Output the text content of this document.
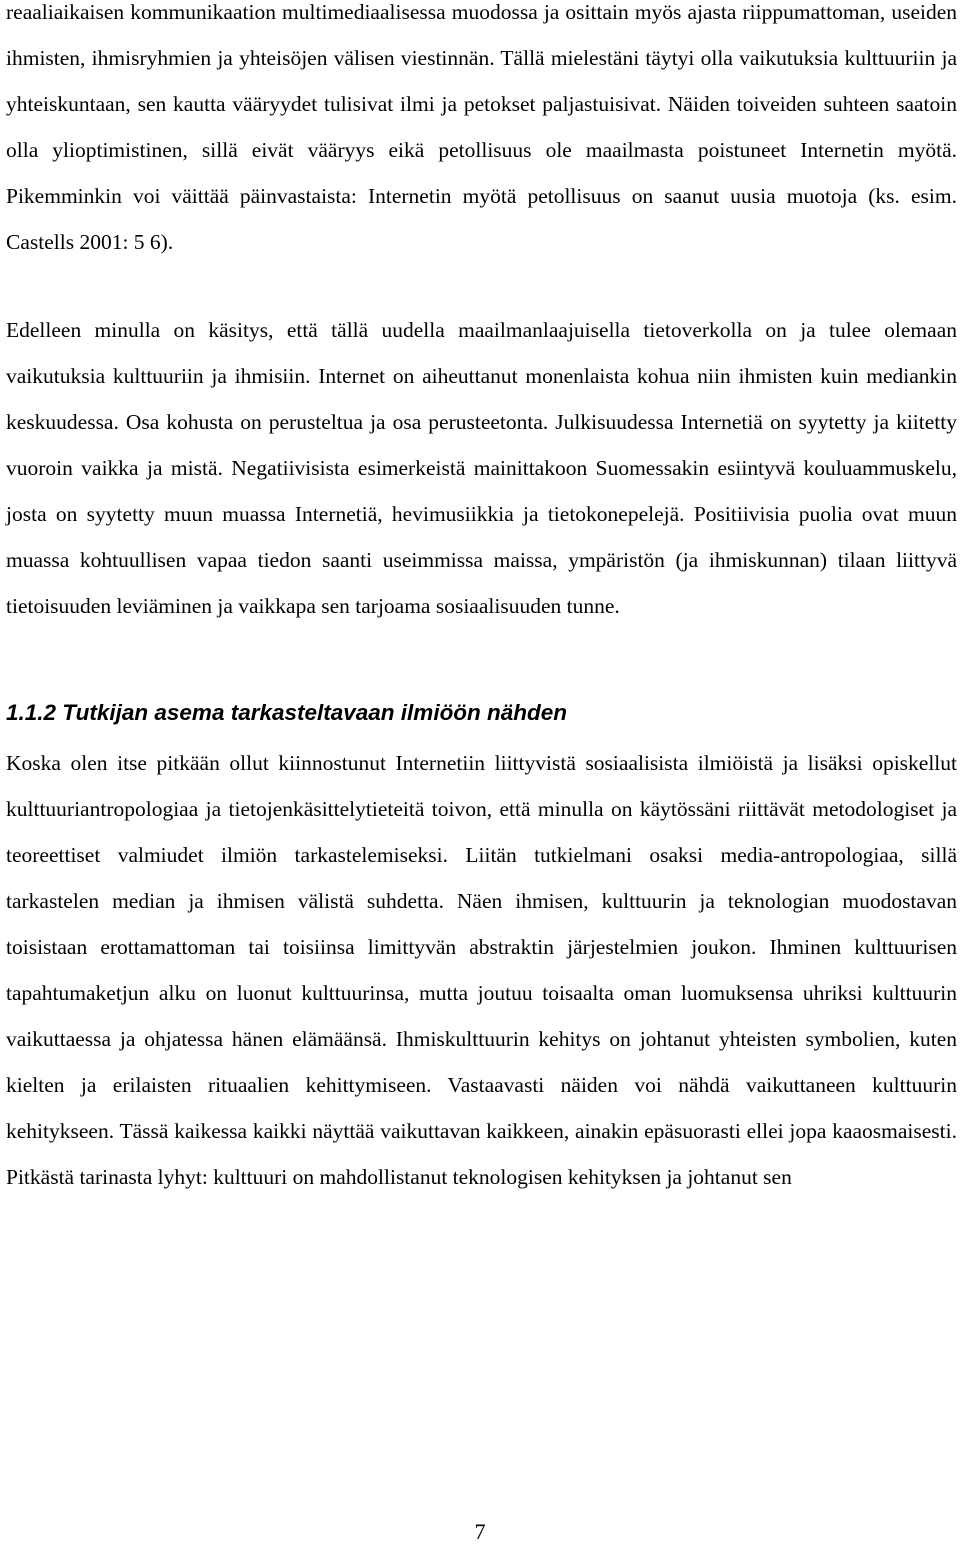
reaaliaikaisen kommunikaation multimediaalisessa muodossa ja osittain myös ajasta riippumattoman, useiden ihmisten, ihmisryhmien ja yhteisöjen välisen viestinnän. Tällä mielestäni täytyi olla vaikutuksia kulttuuriin ja yhteiskuntaan, sen kautta vääryydet tulisivat ilmi ja petokset paljastuisivat. Näiden toiveiden suhteen saatoin olla ylioptimistinen, sillä eivät vääryys eikä petollisuus ole maailmasta poistuneet Internetin myötä. Pikemminkin voi väittää päinvastaista: Internetin myötä petollisuus on saanut uusia muotoja (ks. esim. Castells 2001: 5 6).

Edelleen minulla on käsitys, että tällä uudella maailmanlaajuisella tietoverkolla on ja tulee olemaan vaikutuksia kulttuuriin ja ihmisiin. Internet on aiheuttanut monenlaista kohua niin ihmisten kuin mediankin keskuudessa. Osa kohusta on perusteltua ja osa perusteetonta. Julkisuudessa Internetiä on syytetty ja kiitetty vuoroin vaikka ja mistä. Negatiivisista esimerkeistä mainittakoon Suomessakin esiintyvä kouluammuskelu, josta on syytetty muun muassa Internetiä, hevimusiikkia ja tietokonepelejä. Positiivisia puolia ovat muun muassa kohtuullisen vapaa tiedon saanti useimmissa maissa, ympäristön (ja ihmiskunnan) tilaan liittyvä tietoisuuden leviäminen ja vaikkapa sen tarjoama sosiaalisuuden tunne.

1.1.2 Tutkijan asema tarkasteltavaan ilmiöön nähden

Koska olen itse pitkään ollut kiinnostunut Internetiin liittyvistä sosiaalisista ilmiöistä ja lisäksi opiskellut kulttuuriantropologiaa ja tietojenkäsittelytieteitä toivon, että minulla on käytössäni riittävät metodologiset ja teoreettiset valmiudet ilmiön tarkastelemiseksi. Liitän tutkielmani osaksi media-antropologiaa, sillä tarkastelen median ja ihmisen välistä suhdetta. Näen ihmisen, kulttuurin ja teknologian muodostavan toisistaan erottamattoman tai toisiinsa limittyvän abstraktin järjestelmien joukon. Ihminen kulttuurisen tapahtumaketjun alku on luonut kulttuurinsa, mutta joutuu toisaalta oman luomuksensa uhriksi kulttuurin vaikuttaessa ja ohjatessa hänen elämäänsä. Ihmiskulttuurin kehitys on johtanut yhteisten symbolien, kuten kielten ja erilaisten rituaalien kehittymiseen. Vastaavasti näiden voi nähdä vaikuttaneen kulttuurin kehitykseen. Tässä kaikessa kaikki näyttää vaikuttavan kaikkeen, ainakin epäsuorasti ellei jopa kaaosmaisesti. Pitkästä tarinasta lyhyt: kulttuuri on mahdollistanut teknologisen kehityksen ja johtanut sen

7
